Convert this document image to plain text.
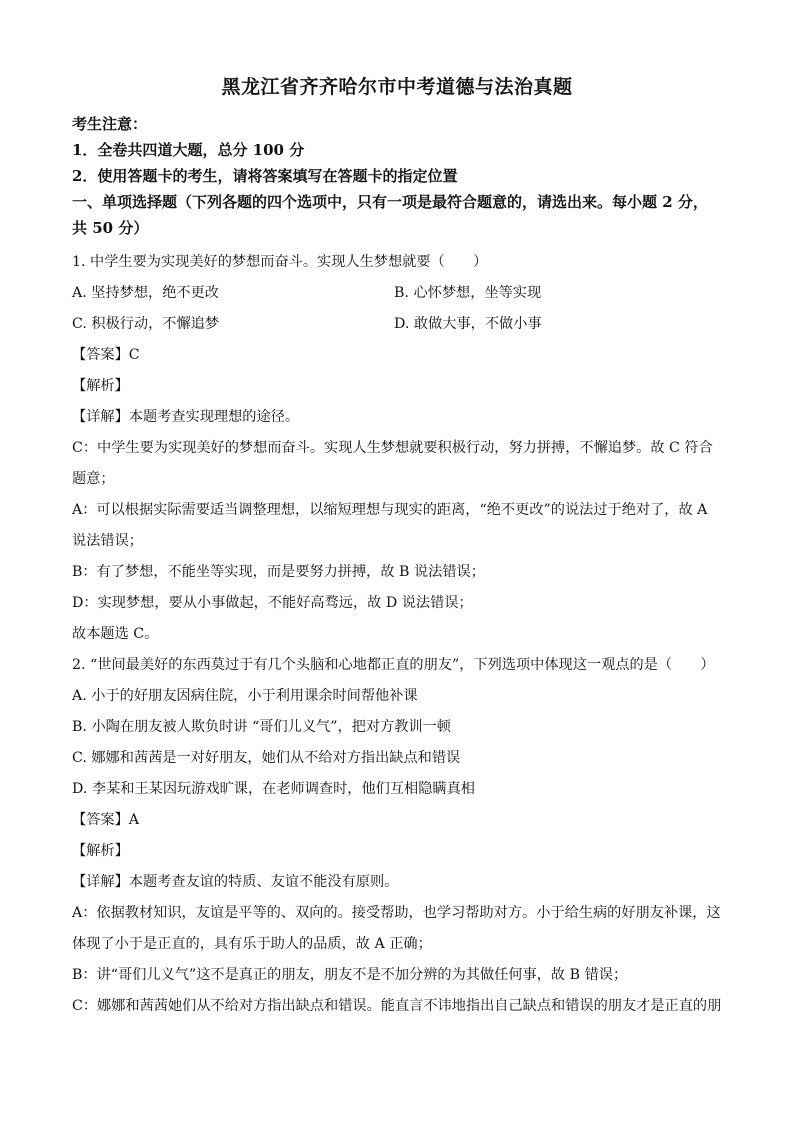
黑龙江省齐齐哈尔市中考道德与法治真题
考生注意：
1．全卷共四道大题，总分 100 分
2．使用答题卡的考生，请将答案填写在答题卡的指定位置
一、单项选择题（下列各题的四个选项中，只有一项是最符合题意的，请选出来。每小题 2 分，共 50 分）
1. 中学生要为实现美好的梦想而奋斗。实现人生梦想就要（　　）
A. 坚持梦想，绝不更改	B. 心怀梦想，坐等实现
C. 积极行动，不懈追梦	D. 敢做大事，不做小事
【答案】C
【解析】
【详解】本题考查实现理想的途径。
C：中学生要为实现美好的梦想而奋斗。实现人生梦想就要积极行动，努力拼搏，不懈追梦。故 C 符合题意；
A：可以根据实际需要适当调整理想，以缩短理想与现实的距离，“绝不更改”的说法过于绝对了，故 A 说法错误；
B：有了梦想，不能坐等实现，而是要努力拼搏，故 B 说法错误；
D：实现梦想，要从小事做起，不能好高骛远，故 D 说法错误；
故本题选 C。
2. “世间最美好的东西莫过于有几个头脑和心地都正直的朋友”，下列选项中体现这一观点的是（　　）
A. 小于的好朋友因病住院，小于利用课余时间帮他补课
B. 小陶在朋友被人欺负时讲 “哥们儿义气”，把对方教训一顿
C. 娜娜和茜茜是一对好朋友，她们从不给对方指出缺点和错误
D. 李某和王某因玩游戏旷课，在老师调查时，他们互相隐瞒真相
【答案】A
【解析】
【详解】本题考查友谊的特质、友谊不能没有原则。
A：依据教材知识，友谊是平等的、双向的。接受帮助，也学习帮助对方。小于给生病的好朋友补课，这体现了小于是正直的，具有乐于助人的品质，故 A 正确；
B：讲“哥们儿义气”这不是真正的朋友，朋友不是不加分辨的为其做任何事，故 B 错误；
C：娜娜和茜茜她们从不给对方指出缺点和错误。能直言不讳地指出自己缺点和错误的朋友才是正直的朋
